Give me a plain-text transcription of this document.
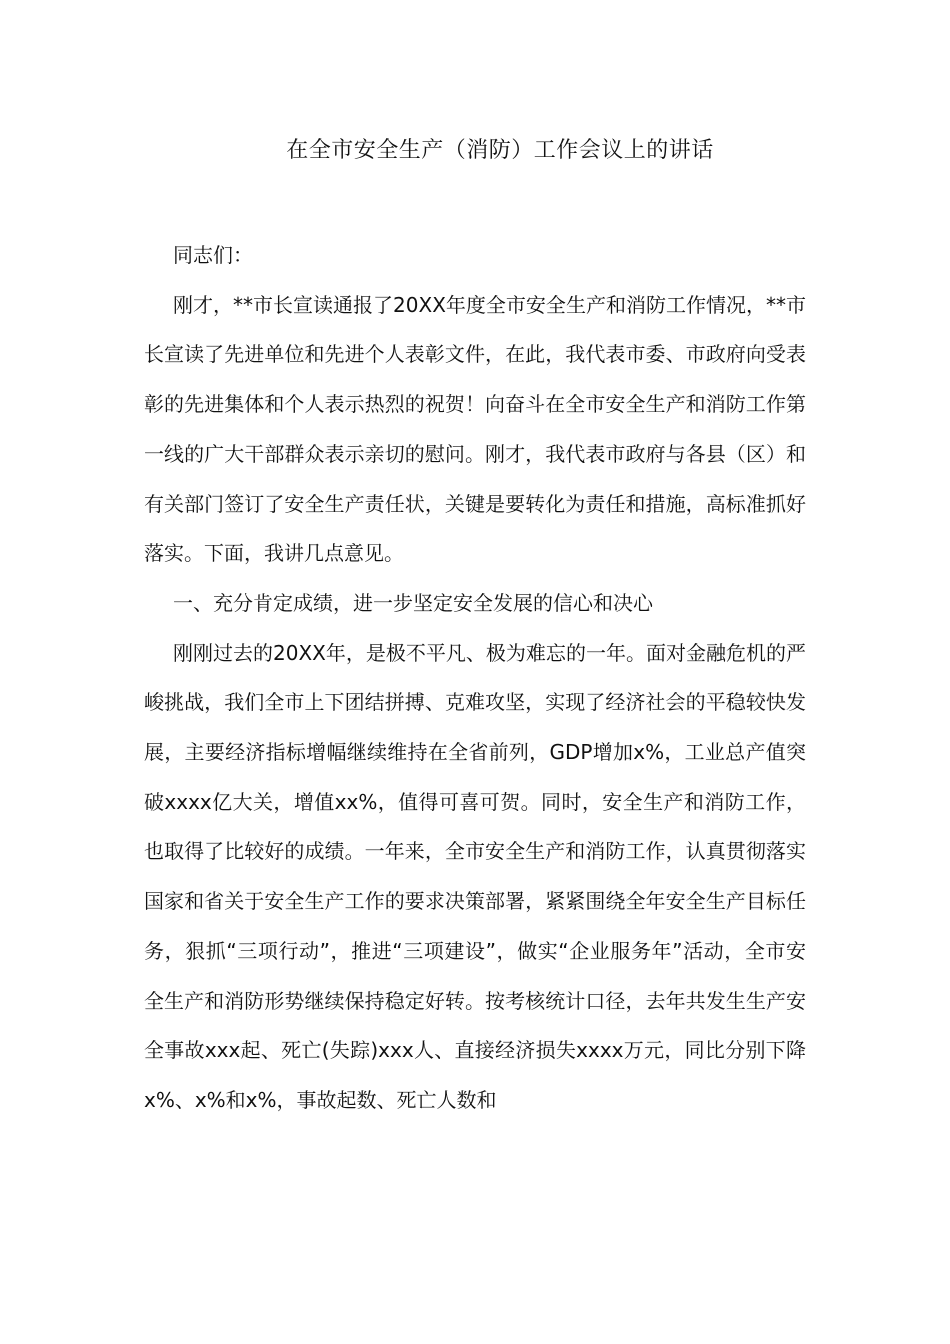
在全市安全生产（消防）工作会议上的讲话

同志们：

刚才，**市长宣读通报了20XX年度全市安全生产和消防工作情况，**市长宣读了先进单位和先进个人表彰文件，在此，我代表市委、市政府向受表彰的先进集体和个人表示热烈的祝贺！向奋斗在全市安全生产和消防工作第一线的广大干部群众表示亲切的慰问。刚才，我代表市政府与各县（区）和有关部门签订了安全生产责任状，关键是要转化为责任和措施，高标准抓好落实。下面，我讲几点意见。

一、充分肯定成绩，进一步坚定安全发展的信心和决心

刚刚过去的20XX年，是极不平凡、极为难忘的一年。面对金融危机的严峻挑战，我们全市上下团结拼搏、克难攻坚，实现了经济社会的平稳较快发展，主要经济指标增幅继续维持在全省前列，GDP增加x%，工业总产值突破xxxx亿大关，增值xx%，值得可喜可贺。同时，安全生产和消防工作，也取得了比较好的成绩。一年来，全市安全生产和消防工作，认真贯彻落实国家和省关于安全生产工作的要求决策部署，紧紧围绕全年安全生产目标任务，狠抓“三项行动”，推进“三项建设”，做实“企业服务年”活动，全市安全生产和消防形势继续保持稳定好转。按考核统计口径，去年共发生生产安全事故xxx起、死亡(失踪)xxx人、直接经济损失xxxx万元，同比分别下降x%、x%和x%，事故起数、死亡人数和
